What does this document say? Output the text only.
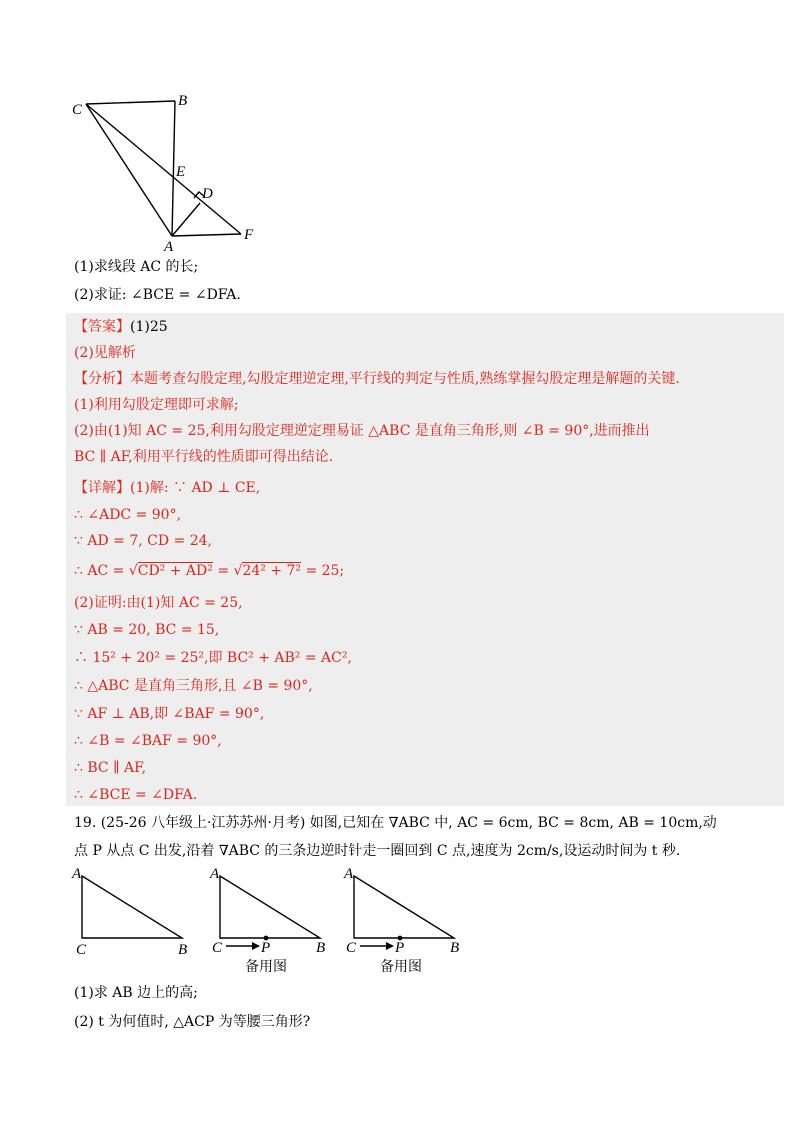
C
B
E
D
A
F
(1)求线段 AC 的长;
(2)求证: ∠BCE = ∠DFA.
【答案】(1)25
(2)见解析
【分析】本题考查勾股定理,勾股定理逆定理,平行线的判定与性质,熟练掌握勾股定理是解题的关键.
(1)利用勾股定理即可求解;
(2)由(1)知 AC = 25,利用勾股定理逆定理易证 △ABC 是直角三角形,则 ∠B = 90°,进而推出
BC ∥ AF,利用平行线的性质即可得出结论.
【详解】(1)解: ∵ AD ⊥ CE,
∴ ∠ADC = 90°,
∵ AD = 7, CD = 24,
∴ AC = √CD² + AD² = √24² + 7² = 25;
(2)证明:由(1)知 AC = 25,
∵ AB = 20, BC = 15,
∴ 15² + 20² = 25²,即 BC² + AB² = AC²,
∴ △ABC 是直角三角形,且 ∠B = 90°,
∵ AF ⊥ AB,即 ∠BAF = 90°,
∴ ∠B = ∠BAF = 90°,
∴ BC ∥ AF,
∴ ∠BCE = ∠DFA.
19. (25-26 八年级上·江苏苏州·月考) 如图,已知在 ∇ABC 中, AC = 6cm, BC = 8cm, AB = 10cm,动
点 P 从点 C 出发,沿着 ∇ABC 的三条边逆时针走一圈回到 C 点,速度为 2cm/s,设运动时间为 t 秒.
A
C	B
A
C	P	B
备用图
A
C	P	B
备用图
(1)求 AB 边上的高;
(2) t 为何值时, △ACP 为等腰三角形?
